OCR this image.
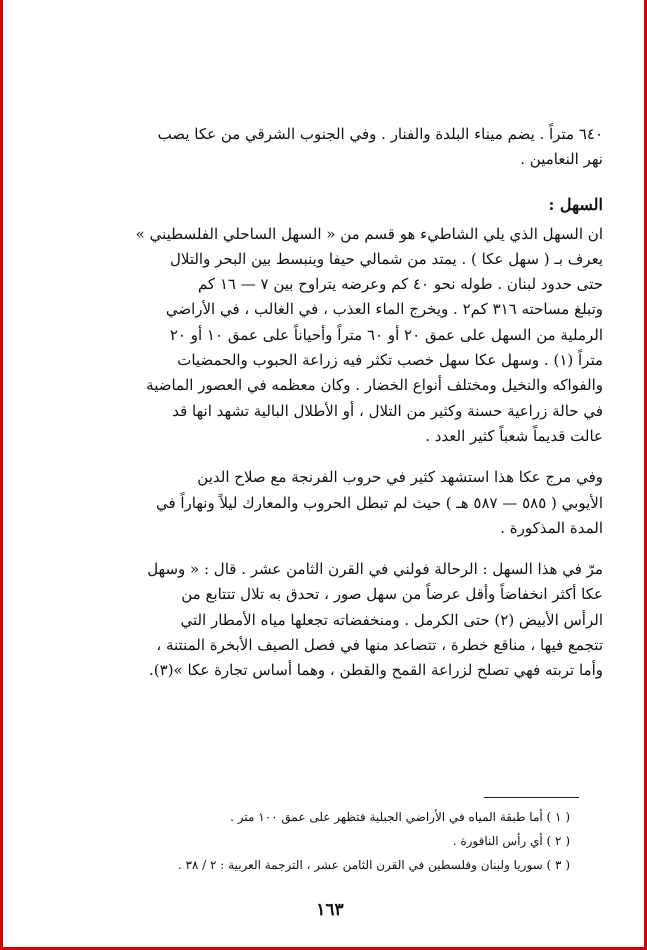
٦٤٠ متراً . يضم ميناء البلدة والفنار . وفي الجنوب الشرقي من عكا يصب

نهر النعامين .

السهل :

ان السهل الذي يلي الشاطيء هو قسم من « السهل الساحلي الفلسطيني »

يعرف بـ ( سهل عكا ) . يمتد من شمالي حيفا وينبسط بين البحر والتلال

حتى حدود لبنان . طوله نحو ٤٠ كم وعرضه يتراوح بين ٧ — ١٦ كم

وتبلغ مساحته ٣١٦ كم٢ . ويخرج الماء العذب ، في الغالب ، في الأراضي

الرملية من السهل على عمق ٢٠ أو ٦٠ متراً وأحياناً على عمق ١٠ أو ٢٠

متراً (١) . وسهل عكا سهل خصب تكثر فيه زراعة الحبوب والحمضيات

والفواكه والنخيل ومختلف أنواع الخضار . وكان معظمه في العصور الماضية

في حالة زراعية حسنة وكثير من التلال ، أو الأطلال البالية تشهد انها قد

عالت قديماً شعباً كثير العدد .

وفي مرج عكا هذا استشهد كثير في حروب الفرنجة مع صلاح الدين

الأيوبي ( ٥٨٥ — ٥٨٧ هـ ) حيث لم تبطل الحروب والمعارك ليلاً ونهاراً في

المدة المذكورة .

مرّ في هذا السهل : الرحالة فولني في القرن الثامن عشر . قال : « وسهل

عكا أكثر انخفاضاً وأقل عرضاً من سهل صور ، تحدق به تلال تتتابع من

الرأس الأبيض (٢) حتى الكرمل . ومنخفضاته تجعلها مياه الأمطار التي

تتجمع فيها ، مناقع خطرة ، تتصاعد منها في فصل الصيف الأبخرة المنتنة ،

وأما تربته فهي تصلح لزراعة القمح والقطن ، وهما أساس تجارة عكا »(٣).

( ١ ) أما طبقة المياه في الأراضي الجبلية فتظهر على عمق ١٠٠ متر .

( ٢ ) أي رأس الناقورة .

( ٣ ) سوريا ولبنان وفلسطين في القرن الثامن عشر ، الترجمة العربية : ٢ / ٣٨ .

١٦٣
